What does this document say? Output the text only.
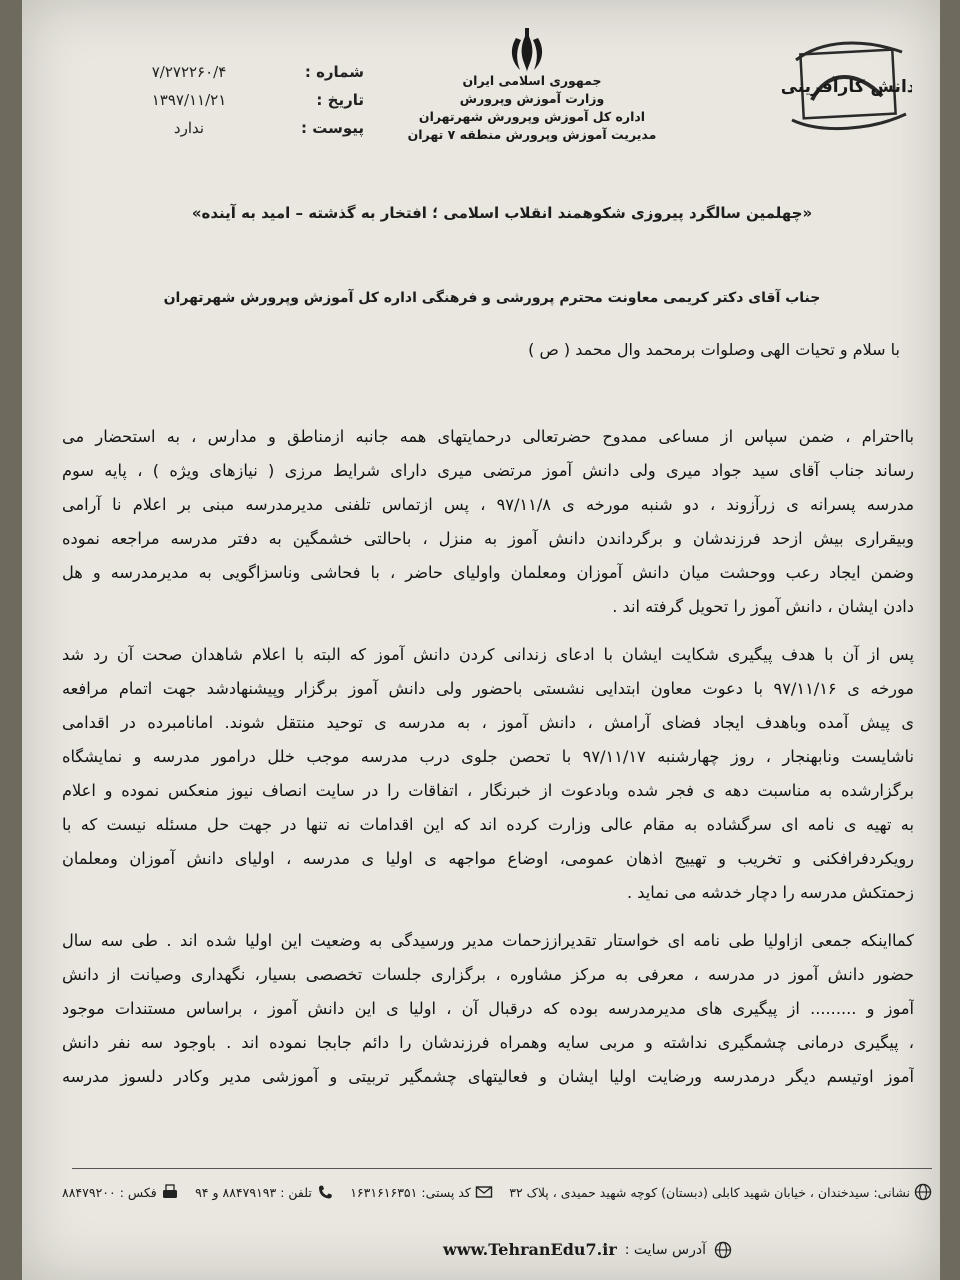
شماره :
۷/۲۷۲۲۶۰/۴
تاریخ :
۱۳۹۷/۱۱/۲۱
پیوست :
ندارد
جمهوری اسلامی ایران
وزارت آموزش وپرورش
اداره کل آموزش وپرورش شهرتهران
مدیریت آموزش وپرورش منطقه ۷ تهران
دانش کارآفرینی
«چهلمین سالگرد پیروزی شکوهمند انقلاب اسلامی ؛ افتخار به گذشته – امید به آینده»
جناب آقای دکتر کریمی معاونت محترم پرورشی و فرهنگی اداره کل آموزش وپرورش شهرتهران
با سلام و تحیات الهی وصلوات برمحمد وال محمد ( ص )
بااحترام ، ضمن سپاس از مساعی ممدوح حضرتعالی درحمایتهای همه جانبه ازمناطق و مدارس ، به استحضار می
رساند جناب آقای سید جواد میری ولی دانش آموز مرتضی میری دارای شرایط مرزی ( نیازهای ویژه ) ، پایه سوم
مدرسه پسرانه ی زرآزوند ، دو شنبه مورخه ی ۹۷/۱۱/۸ ، پس ازتماس تلفنی مدیرمدرسه مبنی بر اعلام نا آرامی
وبیقراری بیش ازحد فرزندشان و برگرداندن دانش آموز به منزل ، باحالتی خشمگین به دفتر مدرسه مراجعه نموده
وضمن ایجاد رعب ووحشت میان دانش آموزان ومعلمان واولیای حاضر ، با فحاشی وناسزاگویی به مدیرمدرسه و هل
دادن ایشان ، دانش آموز را تحویل گرفته اند .
پس از آن با هدف پیگیری شکایت ایشان با ادعای زندانی کردن دانش آموز که البته با اعلام شاهدان صحت آن رد شد
مورخه ی ۹۷/۱۱/۱۶ با دعوت معاون ابتدایی نشستی باحضور ولی دانش آموز برگزار وپیشنهادشد جهت اتمام مرافعه
ی پیش آمده وباهدف ایجاد فضای آرامش ، دانش آموز ، به مدرسه ی توحید منتقل شوند. امانامبرده در اقدامی
ناشایست ونابهنجار ، روز چهارشنبه ۹۷/۱۱/۱۷ با تحصن جلوی درب مدرسه موجب خلل درامور مدرسه و نمایشگاه
برگزارشده به مناسبت دهه ی فجر شده وبادعوت از خبرنگار ، اتفاقات را در سایت انصاف نیوز منعکس نموده و اعلام
به تهیه ی نامه ای سرگشاده به مقام عالی وزارت کرده اند که این اقدامات نه تنها در جهت حل مسئله نیست که با
رویکردفرافکنی و تخریب و تهییج اذهان عمومی، اوضاع مواجهه ی اولیا ی مدرسه ، اولیای دانش آموزان ومعلمان
زحمتکش مدرسه را دچار خدشه می نماید .
کمااینکه جمعی ازاولیا طی نامه ای خواستار تقدیراززحمات مدیر ورسیدگی به وضعیت این اولیا شده اند . طی سه سال
حضور دانش آموز در مدرسه ، معرفی به مرکز مشاوره ، برگزاری جلسات تخصصی بسیار، نگهداری وصیانت از دانش
آموز و ......... از پیگیری های مدیرمدرسه بوده که درقبال آن ، اولیا ی این دانش آموز ، براساس مستندات موجود
، پیگیری درمانی چشمگیری نداشته و مربی سایه وهمراه فرزندشان را دائم جابجا نموده اند . باوجود سه نفر دانش
آموز اوتیسم دیگر درمدرسه ورضایت اولیا ایشان و فعالیتهای چشمگیر تربیتی و آموزشی مدیر وکادر دلسوز مدرسه
نشانی:
سیدخندان ، خیابان شهید کابلی (دبستان) کوچه شهید حمیدی ، پلاک ۳۲
کد پستی:
۱۶۳۱۶۱۶۳۵۱
تلفن :
۸۸۴۷۹۱۹۳ و ۹۴
فکس :
۸۸۴۷۹۲۰۰
آدرس سایت :
www.TehranEdu7.ir
